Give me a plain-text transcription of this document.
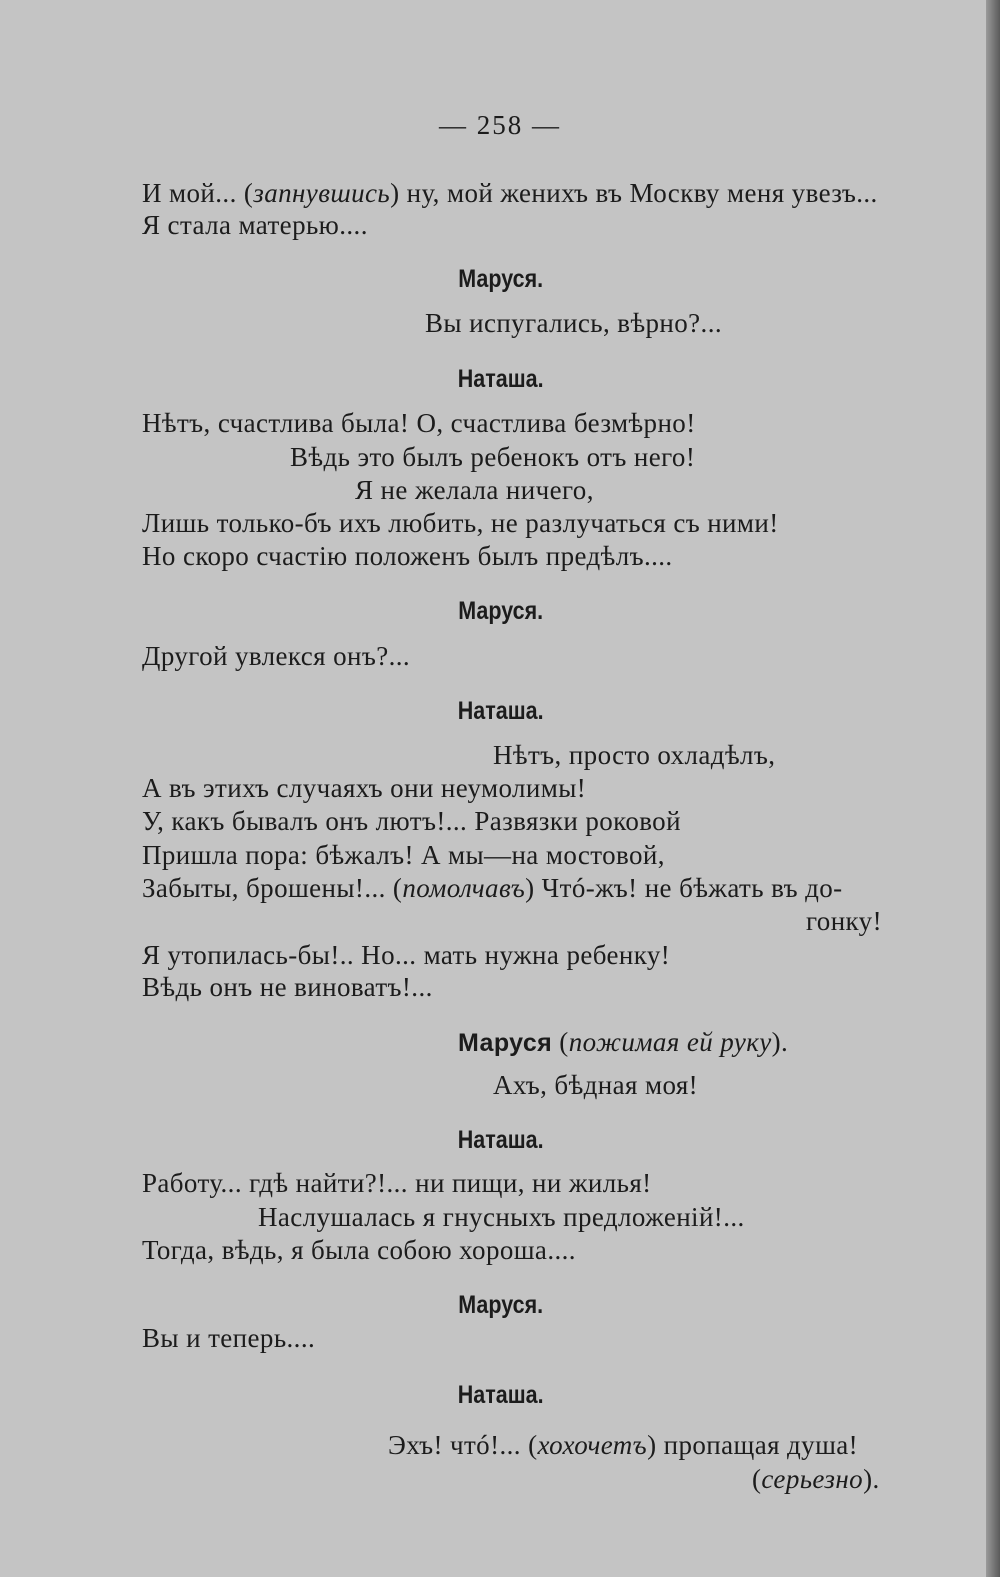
— 258 —
И мой... (запнувшись) ну, мой женихъ въ Москву меня увезъ...
Я стала матерью....
Маруся.
Вы испугались, вѣрно?...
Наташа.
Нѣтъ, счастлива была! О, счастлива безмѣрно!
Вѣдь это былъ ребенокъ отъ него!
Я не желала ничего,
Лишь только-бъ ихъ любить, не разлучаться съ ними!
Но скоро счастію положенъ былъ предѣлъ....
Маруся.
Другой увлекся онъ?...
Наташа.
Нѣтъ, просто охладѣлъ,
А въ этихъ случаяхъ они неумолимы!
У, какъ бывалъ онъ лютъ!... Развязки роковой
Пришла пора: бѣжалъ! А мы—на мостовой,
Забыты, брошены!... (помолчавъ) Чтó-жъ! не бѣжать въ до-
гонку!
Я утопилась-бы!.. Но... мать нужна ребенку!
Вѣдь онъ не виноватъ!...
Маруся (пожимая ей руку).
Ахъ, бѣдная моя!
Наташа.
Работу... гдѣ найти?!... ни пищи, ни жилья!
Наслушалась я гнусныхъ предложеній!...
Тогда, вѣдь, я была собою хороша....
Маруся.
Вы и теперь....
Наташа.
Эхъ! чтó!... (хохочетъ) пропащая душа!
(серьезно).
